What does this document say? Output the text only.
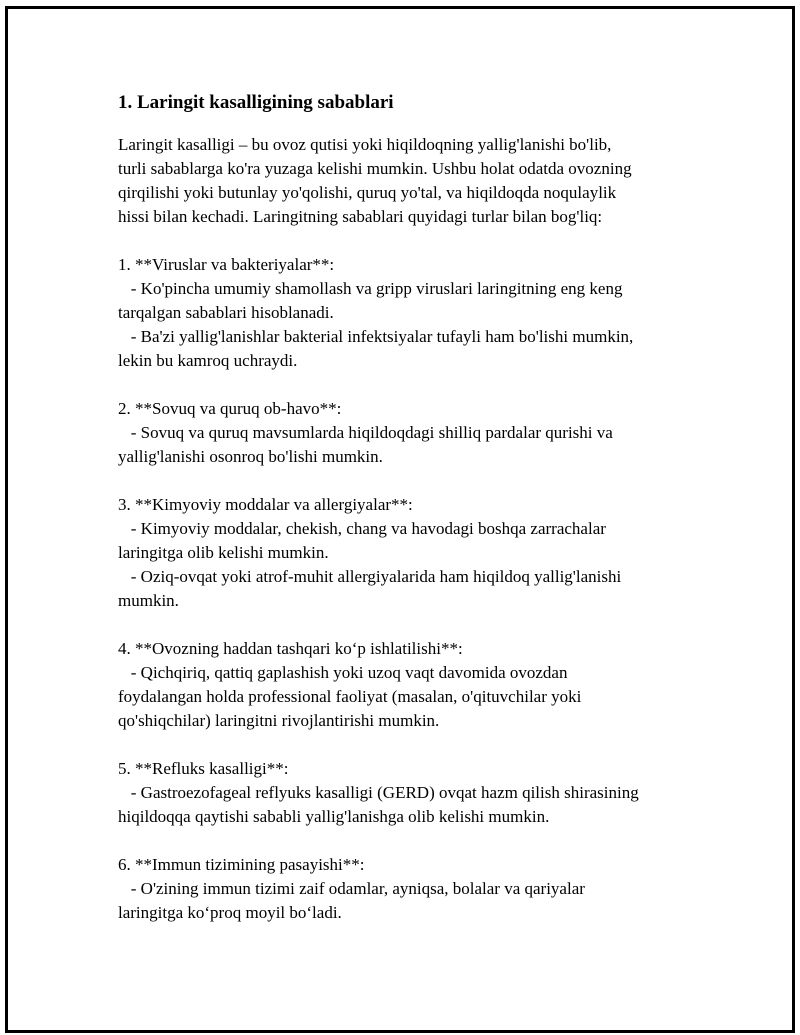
1. Laringit kasalligining sabablari
Laringit kasalligi – bu ovoz qutisi yoki hiqildoqning yallig'lanishi bo'lib,
turli sabablarga ko'ra yuzaga kelishi mumkin. Ushbu holat odatda ovozning
qirqilishi yoki butunlay yo'qolishi, quruq yo'tal, va hiqildoqda noqulaylik
hissi bilan kechadi. Laringitning sabablari quyidagi turlar bilan bog'liq:
1. **Viruslar va bakteriyalar**:
- Ko'pincha umumiy shamollash va gripp viruslari laringitning eng keng
tarqalgan sabablari hisoblanadi.
- Ba'zi yallig'lanishlar bakterial infektsiyalar tufayli ham bo'lishi mumkin,
lekin bu kamroq uchraydi.
2. **Sovuq va quruq ob-havo**:
- Sovuq va quruq mavsumlarda hiqildoqdagi shilliq pardalar qurishi va
yallig'lanishi osonroq bo'lishi mumkin.
3. **Kimyoviy moddalar va allergiyalar**:
- Kimyoviy moddalar, chekish, chang va havodagi boshqa zarrachalar
laringitga olib kelishi mumkin.
- Oziq-ovqat yoki atrof-muhit allergiyalarida ham hiqildoq yallig'lanishi
mumkin.
4. **Ovozning haddan tashqari ko‘p ishlatilishi**:
- Qichqiriq, qattiq gaplashish yoki uzoq vaqt davomida ovozdan
foydalangan holda professional faoliyat (masalan, o'qituvchilar yoki
qo'shiqchilar) laringitni rivojlantirishi mumkin.
5. **Refluks kasalligi**:
- Gastroezofageal reflyuks kasalligi (GERD) ovqat hazm qilish shirasining
hiqildoqqa qaytishi sababli yallig'lanishga olib kelishi mumkin.
6. **Immun tizimining pasayishi**:
- O'zining immun tizimi zaif odamlar, ayniqsa, bolalar va qariyalar
laringitga ko‘proq moyil bo‘ladi.
